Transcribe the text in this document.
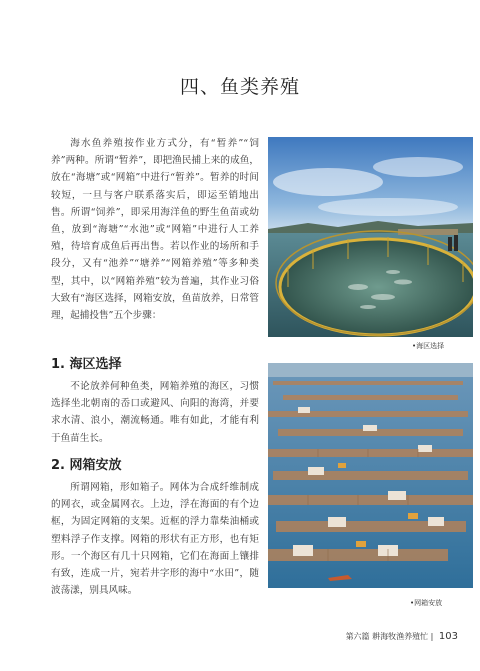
四、鱼类养殖

海水鱼养殖按作业方式分，有“暂养”“饲养”两种。所谓“暂养”，即把渔民捕上来的成鱼，放在“海塘”或“网箱”中进行“暂养”。暂养的时间较短，一旦与客户联系落实后，即运至销地出售。所谓“饲养”，即采用海洋鱼的野生鱼苗或幼鱼，放到“海塘”“水池”或“网箱”中进行人工养殖，待培育成鱼后再出售。若以作业的场所和手段分，又有“池养”“塘养”“网箱养殖”等多种类型，其中，以“网箱养殖”较为普遍，其作业习俗大致有“海区选择，网箱安放，鱼苗放养，日常管理，起捕投售”五个步骤：

1. 海区选择

不论放养何种鱼类，网箱养殖的海区，习惯选择坐北朝南的岙口或避风、向阳的海湾，并要求水清、浪小，潮流畅通。唯有如此，才能有利于鱼苗生长。

2. 网箱安放

所谓网箱，形如箱子。网体为合成纤维制成的网衣，或金属网衣。上边，浮在海面的有个边框，为固定网箱的支架。近框的浮力靠柴油桶或塑料浮子作支撑。网箱的形状有正方形，也有矩形。一个海区有几十只网箱，它们在海面上镶排有致，连成一片，宛若井字形的海中“水田”，随波荡漾，别具风味。

•海区选择
•网箱安放
第六篇 耕海牧渔养殖忙 | 103
